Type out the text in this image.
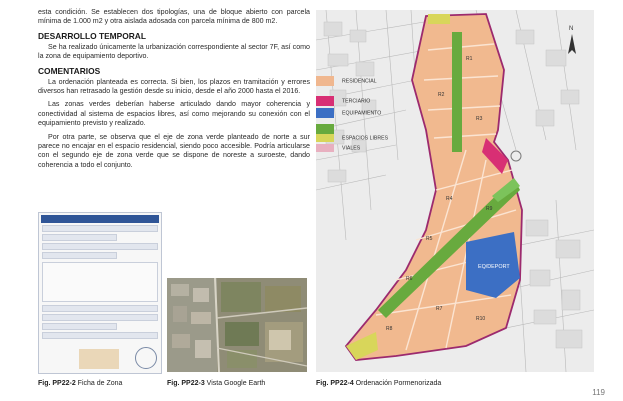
esta condición. Se establecen dos tipologías, una de bloque abierto con parcela mínima de 1.000 m2 y otra aislada adosada con parcela mínima de 800 m2.

DESARROLLO TEMPORAL

Se ha realizado únicamente la urbanización correspondiente al sector 7F, así como la zona de equipamiento deportivo.

COMENTARIOS

La ordenación planteada es correcta. Si bien, los plazos en tramitación y errores diversos han retrasado la gestión desde su inicio, desde el año 2000 hasta el 2016.

Las zonas verdes deberían haberse articulado dando mayor coherencia y conectividad al sistema de espacios libres, así como mejorando su conexión con el equipamiento previsto y realizado.

Por otra parte, se observa que el eje de zona verde planteado de norte a sur parece no encajar en el espacio residencial, siendo poco accesible. Podría articularse con el segundo eje de zona verde que se dispone de noreste a suroeste, dando coherencia a todo el conjunto.

R1
R2
R3
R4
R5
R6
R7
R8
R9
R10
EQ/DEPORT
N
RESIDENCIAL
TERCIARIO
EQUIPAMIENTO
ESPACIOS LIBRES
VIALES
Fig. PP22-2 Ficha de Zona	Fig. PP22-3 Vista Google Earth	Fig. PP22-4 Ordenación Pormenorizada
119
